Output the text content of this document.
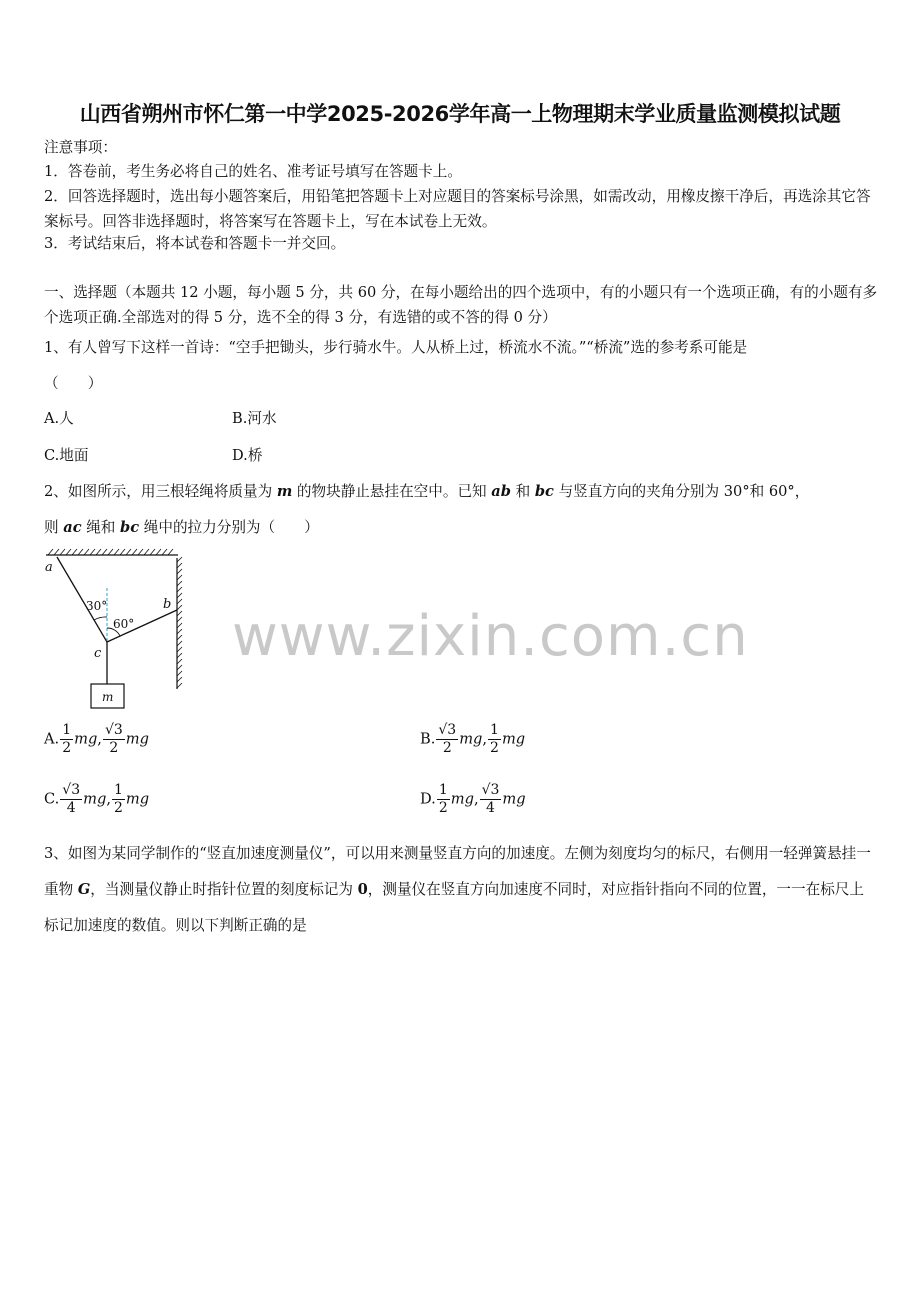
山西省朔州市怀仁第一中学2025-2026学年高一上物理期末学业质量监测模拟试题
注意事项：
1．答卷前，考生务必将自己的姓名、准考证号填写在答题卡上。
2．回答选择题时，选出每小题答案后，用铅笔把答题卡上对应题目的答案标号涂黑，如需改动，用橡皮擦干净后，再选涂其它答案标号。回答非选择题时，将答案写在答题卡上，写在本试卷上无效。
3．考试结束后，将本试卷和答题卡一并交回。
一、选择题（本题共 12 小题，每小题 5 分，共 60 分，在每小题给出的四个选项中，有的小题只有一个选项正确，有的小题有多个选项正确.全部选对的得 5 分，选不全的得 3 分，有选错的或不答的得 0 分）
1、有人曾写下这样一首诗：“空手把锄头，步行骑水牛。人从桥上过，桥流水不流。”“桥流”选的参考系可能是
（　　）
A.人	B.河水
C.地面	D.桥
2、如图所示，用三根轻绳将质量为 m 的物块静止悬挂在空中。已知 ab 和 bc 与竖直方向的夹角分别为 30°和 60°，
则 ac 绳和 bc 绳中的拉力分别为（　　）
a
b
c
m
30°
60° www.zixin.com.cn
A. $\frac{1}{2}$ mg, $\frac{√3}{2}$ mg	B. $\frac{√3}{2}$ mg, $\frac{1}{2}$ mg
C. $\frac{√3}{4}$ mg, $\frac{1}{2}$ mg	D. $\frac{1}{2}$ mg, $\frac{√3}{4}$ mg
3、如图为某同学制作的“竖直加速度测量仪”，可以用来测量竖直方向的加速度。左侧为刻度均匀的标尺，右侧用一轻弹簧悬挂一重物 G，当测量仪静止时指针位置的刻度标记为 0，测量仪在竖直方向加速度不同时，对应指针指向不同的位置，一一在标尺上标记加速度的数值。则以下判断正确的是
